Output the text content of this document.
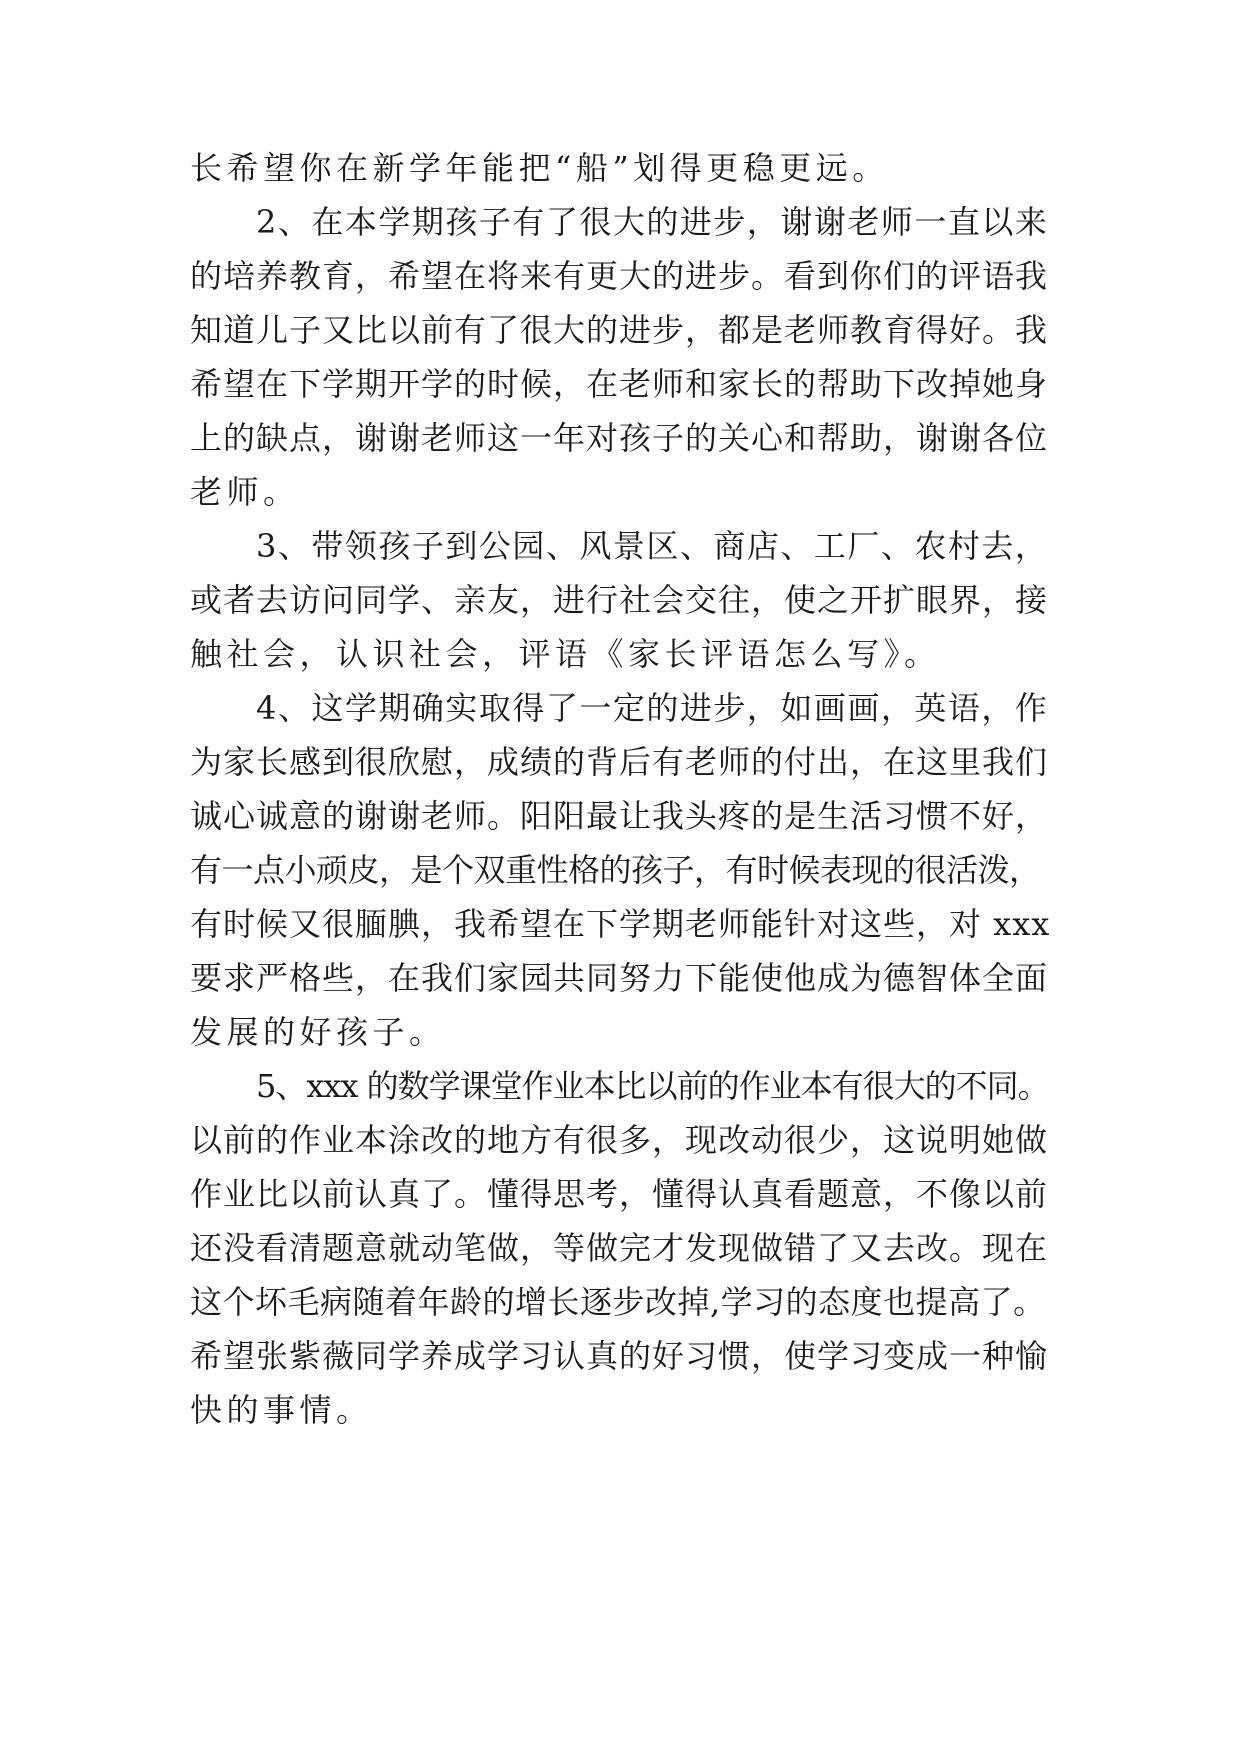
长希望你在新学年能把“船”划得更稳更远。
2、在本学期孩子有了很大的进步，谢谢老师一直以来
的培养教育，希望在将来有更大的进步。看到你们的评语我
知道儿子又比以前有了很大的进步，都是老师教育得好。我
希望在下学期开学的时候，在老师和家长的帮助下改掉她身
上的缺点，谢谢老师这一年对孩子的关心和帮助，谢谢各位
老师。
3、带领孩子到公园、风景区、商店、工厂、农村去，
或者去访问同学、亲友，进行社会交往，使之开扩眼界，接
触社会，认识社会，评语《家长评语怎么写》。
4、这学期确实取得了一定的进步，如画画，英语，作
为家长感到很欣慰，成绩的背后有老师的付出，在这里我们
诚心诚意的谢谢老师。阳阳最让我头疼的是生活习惯不好，
有一点小顽皮，是个双重性格的孩子，有时候表现的很活泼，
有时候又很腼腆，我希望在下学期老师能针对这些，对 xxx
要求严格些，在我们家园共同努力下能使他成为德智体全面
发展的好孩子。
5、xxx 的数学课堂作业本比以前的作业本有很大的不同。
以前的作业本涂改的地方有很多，现改动很少，这说明她做
作业比以前认真了。懂得思考，懂得认真看题意，不像以前
还没看清题意就动笔做，等做完才发现做错了又去改。现在
这个坏毛病随着年龄的增长逐步改掉,学习的态度也提高了。
希望张紫薇同学养成学习认真的好习惯，使学习变成一种愉
快的事情。
